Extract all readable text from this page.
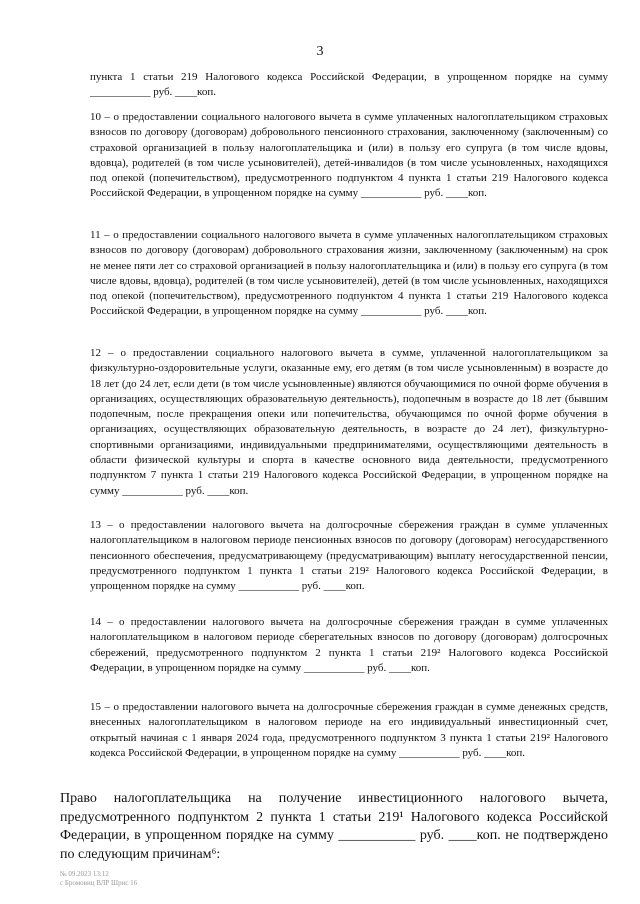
3

пункта 1 статьи 219 Налогового кодекса Российской Федерации, в упрощенном порядке на сумму ___________ руб. ____коп.

10 – о предоставлении социального налогового вычета в сумме уплаченных налогоплательщиком страховых взносов по договору (договорам) добровольного пенсионного страхования, заключенному (заключенным) со страховой организацией в пользу налогоплательщика и (или) в пользу его супруга (в том числе вдовы, вдовца), родителей (в том числе усыновителей), детей-инвалидов (в том числе усыновленных, находящихся под опекой (попечительством), предусмотренного подпунктом 4 пункта 1 статьи 219 Налогового кодекса Российской Федерации, в упрощенном порядке на сумму ___________ руб. ____коп.

11 – о предоставлении социального налогового вычета в сумме уплаченных налогоплательщиком страховых взносов по договору (договорам) добровольного страхования жизни, заключенному (заключенным) на срок не менее пяти лет со страховой организацией в пользу налогоплательщика и (или) в пользу его супруга (в том числе вдовы, вдовца), родителей (в том числе усыновителей), детей (в том числе усыновленных, находящихся под опекой (попечительством), предусмотренного подпунктом 4 пункта 1 статьи 219 Налогового кодекса Российской Федерации, в упрощенном порядке на сумму ___________ руб. ____коп.

12 – о предоставлении социального налогового вычета в сумме, уплаченной налогоплательщиком за физкультурно-оздоровительные услуги, оказанные ему, его детям (в том числе усыновленным) в возрасте до 18 лет (до 24 лет, если дети (в том числе усыновленные) являются обучающимися по очной форме обучения в организациях, осуществляющих образовательную деятельность), подопечным в возрасте до 18 лет (бывшим подопечным, после прекращения опеки или попечительства, обучающимся по очной форме обучения в организациях, осуществляющих образовательную деятельность, в возрасте до 24 лет), физкультурно-спортивными организациями, индивидуальными предпринимателями, осуществляющими деятельность в области физической культуры и спорта в качестве основного вида деятельности, предусмотренного подпунктом 7 пункта 1 статьи 219 Налогового кодекса Российской Федерации, в упрощенном порядке на сумму ___________ руб. ____коп.

13 – о предоставлении налогового вычета на долгосрочные сбережения граждан в сумме уплаченных налогоплательщиком в налоговом периоде пенсионных взносов по договору (договорам) негосударственного пенсионного обеспечения, предусматривающему (предусматривающим) выплату негосударственной пенсии, предусмотренного подпунктом 1 пункта 1 статьи 219² Налогового кодекса Российской Федерации, в упрощенном порядке на сумму ___________ руб. ____коп.

14 – о предоставлении налогового вычета на долгосрочные сбережения граждан в сумме уплаченных налогоплательщиком в налоговом периоде сберегательных взносов по договору (договорам) долгосрочных сбережений, предусмотренного подпунктом 2 пункта 1 статьи 219² Налогового кодекса Российской Федерации, в упрощенном порядке на сумму ___________ руб. ____коп.

15 – о предоставлении налогового вычета на долгосрочные сбережения граждан в сумме денежных средств, внесенных налогоплательщиком в налоговом периоде на его индивидуальный инвестиционный счет, открытый начиная с 1 января 2024 года, предусмотренного подпунктом 3 пункта 1 статьи 219² Налогового кодекса Российской Федерации, в упрощенном порядке на сумму ___________ руб. ____коп.

Право налогоплательщика на получение инвестиционного налогового вычета, предусмотренного подпунктом 2 пункта 1 статьи 219¹ Налогового кодекса Российской Федерации, в упрощенном порядке на сумму ___________ руб. ____коп. не подтверждено по следующим причинам⁶:

№ 09.2023 13:12
с Бромовиц ВЛР Шрис 16
